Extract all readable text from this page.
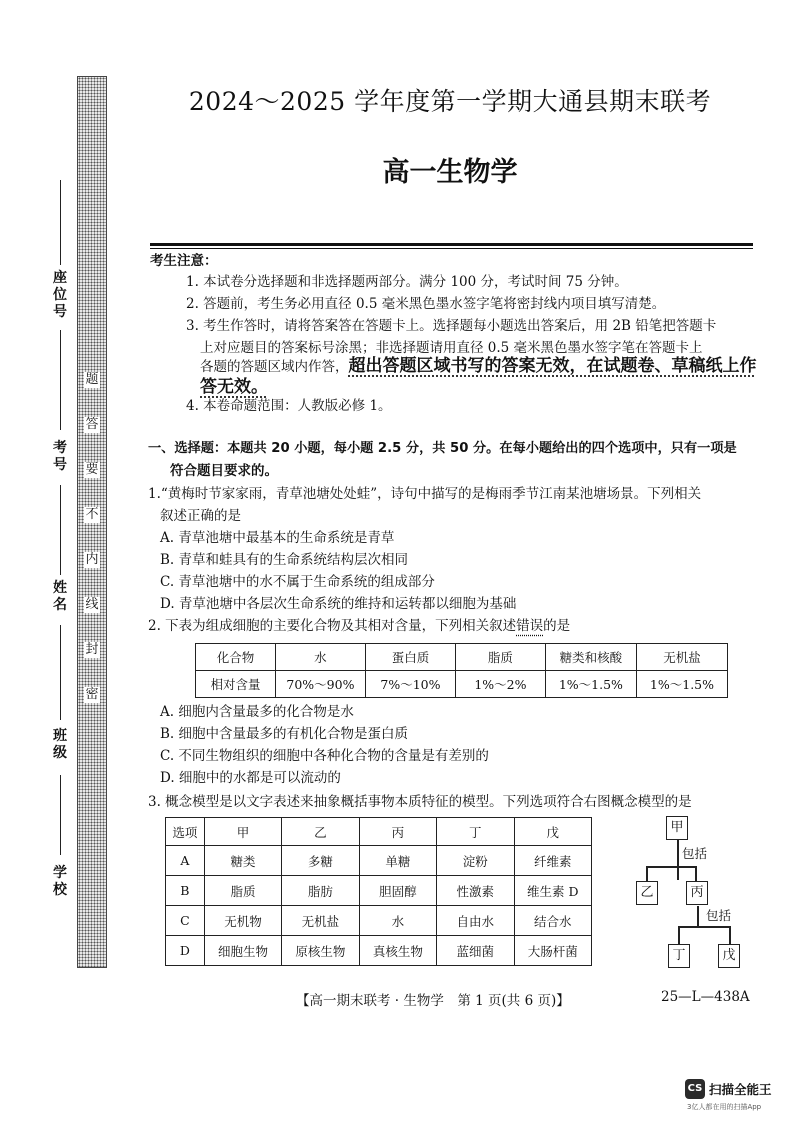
题
答
要
不
内
线
封
密
座位号
考号
姓名
班级
学校
2024～2025 学年度第一学期大通县期末联考
高一生物学
考生注意：
1. 本试卷分选择题和非选择题两部分。满分 100 分，考试时间 75 分钟。
2. 答题前，考生务必用直径 0.5 毫米黑色墨水签字笔将密封线内项目填写清楚。
3. 考生作答时，请将答案答在答题卡上。选择题每小题选出答案后，用 2B 铅笔把答题卡
上对应题目的答案标号涂黑；非选择题请用直径 0.5 毫米黑色墨水签字笔在答题卡上
各题的答题区域内作答，超出答题区域书写的答案无效，在试题卷、草稿纸上作
答无效。
4. 本卷命题范围：人教版必修 1。
一、选择题：本题共 20 小题，每小题 2.5 分，共 50 分。在每小题给出的四个选项中，只有一项是
符合题目要求的。
1.“黄梅时节家家雨，青草池塘处处蛙”，诗句中描写的是梅雨季节江南某池塘场景。下列相关
叙述正确的是
A. 青草池塘中最基本的生命系统是青草
B. 青草和蛙具有的生命系统结构层次相同
C. 青草池塘中的水不属于生命系统的组成部分
D. 青草池塘中各层次生命系统的维持和运转都以细胞为基础
2. 下表为组成细胞的主要化合物及其相对含量，下列相关叙述错误的是
化合物	水	蛋白质	脂质	糖类和核酸	无机盐
相对含量	70%～90%	7%～10%	1%～2%	1%～1.5%	1%～1.5%
A. 细胞内含量最多的化合物是水
B. 细胞中含量最多的有机化合物是蛋白质
C. 不同生物组织的细胞中各种化合物的含量是有差别的
D. 细胞中的水都是可以流动的
3. 概念模型是以文字表述来抽象概括事物本质特征的模型。下列选项符合右图概念模型的是
选项	甲	乙	丙	丁	戊
A	糖类	多糖	单糖	淀粉	纤维素
B	脂质	脂肪	胆固醇	性激素	维生素 D
C	无机物	无机盐	水	自由水	结合水
D	细胞生物	原核生物	真核生物	蓝细菌	大肠杆菌
甲
包括
乙	丙
包括
丁	戊
【高一期末联考 · 生物学　第 1 页(共 6 页)】	25—L—438A
CS 扫描全能王
3亿人都在用的扫描App
